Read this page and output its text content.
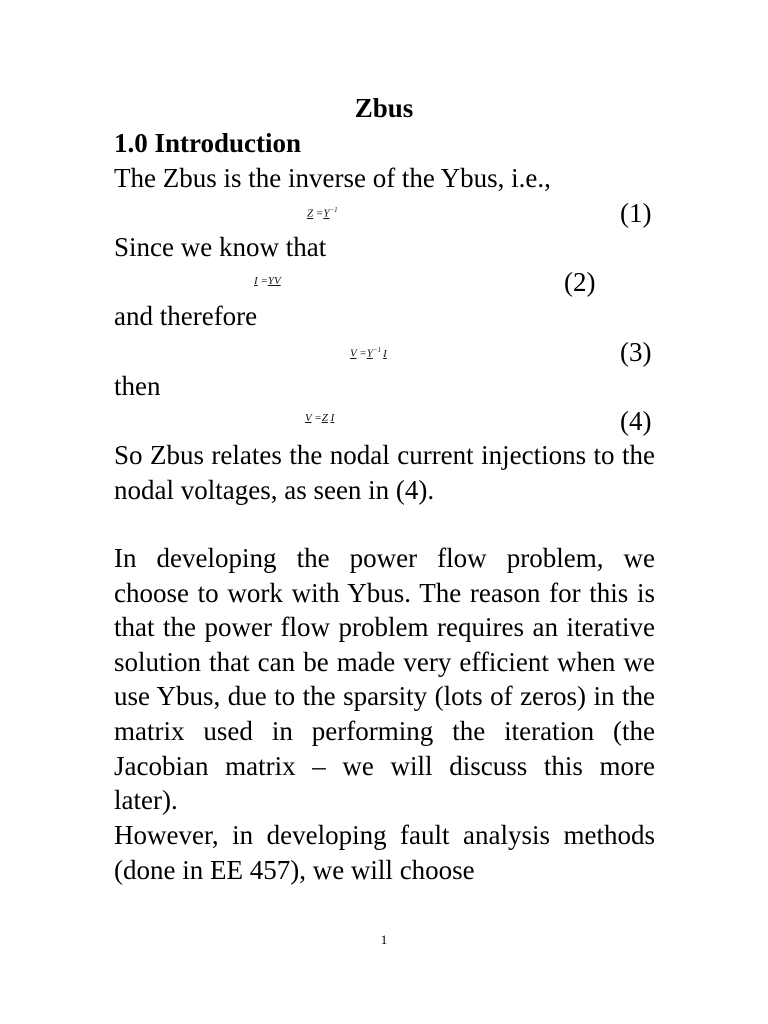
Zbus
1.0 Introduction
The Zbus is the inverse of the Ybus, i.e.,
$Z =Y^{-1}$	(1)
Since we know that
I =YV	(2)
and therefore
$V =Y^{-1}$ I	(3)
then
V =Z I	(4)
So Zbus relates the nodal current injections to the nodal voltages, as seen in (4).
In developing the power flow problem, we choose to work with Ybus. The reason for this is that the power flow problem requires an iterative solution that can be made very efficient when we use Ybus, due to the sparsity (lots of zeros) in the matrix used in performing the iteration (the Jacobian matrix – we will discuss this more later).
However, in developing fault analysis methods (done in EE 457), we will choose
1
